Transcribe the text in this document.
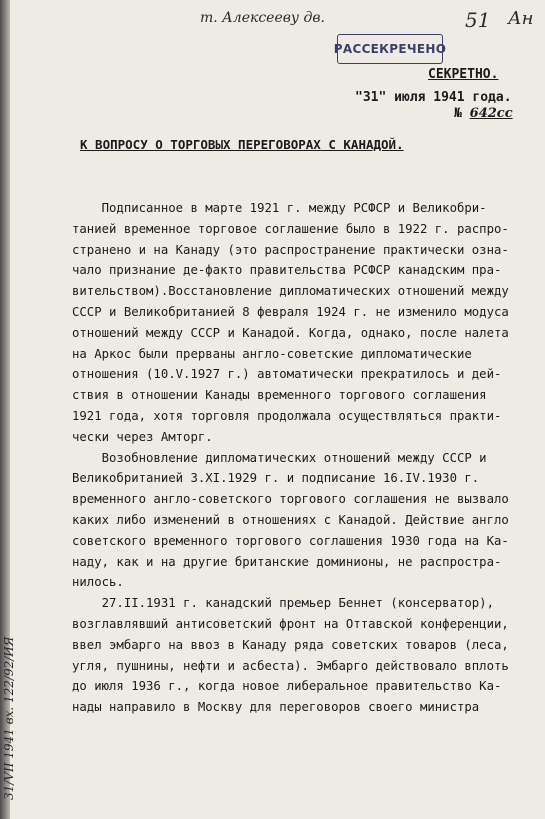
т. Алексееву дв.	51 Ан
РАССЕКРЕЧЕНО
СЕКРЕТНО.
"31" июля 1941 года.
№ 642сс
К ВОПРОСУ О ТОРГОВЫХ ПЕРЕГОВОРАХ С КАНАДОЙ.
Подписанное в марте 1921 г. между РСФСР и Великобри-
танией временное торговое соглашение было в 1922 г. распро-
странено и на Канаду (это распространение практически озна-
чало признание де-факто правительства РСФСР канадским пра-
вительством).Восстановление дипломатических отношений между
СССР и Великобританией 8 февраля 1924 г. не изменило модуса
отношений между СССР и Канадой. Когда, однако, после налета
на Аркос были прерваны англо-советские дипломатические
отношения (10.V.1927 г.) автоматически прекратилось и дей-
ствия в отношении Канады временного торгового соглашения
1921 года, хотя торговля продолжала осуществляться практи-
чески через Амторг.
Возобновление дипломатических отношений между СССР и
Великобританией 3.XI.1929 г. и подписание 16.IV.1930 г.
временного англо-советского торгового соглашения не вызвало
каких либо изменений в отношениях с Канадой. Действие англо
советского временного торгового соглашения 1930 года на Ка-
наду, как и на другие британские доминионы, не распростра-
нилось.
27.II.1931 г. канадский премьер Беннет (консерватор),
возглавлявший антисоветский фронт на Оттавской конференции,
ввел эмбарго на ввоз в Канаду ряда советских товаров (леса,
угля, пушнины, нефти и асбеста). Эмбарго действовало вплоть
до июля 1936 г., когда новое либеральное правительство Ка-
нады направило в Москву для переговоров своего министра
31/VII 1941 вх. 122/92/ИЯ
